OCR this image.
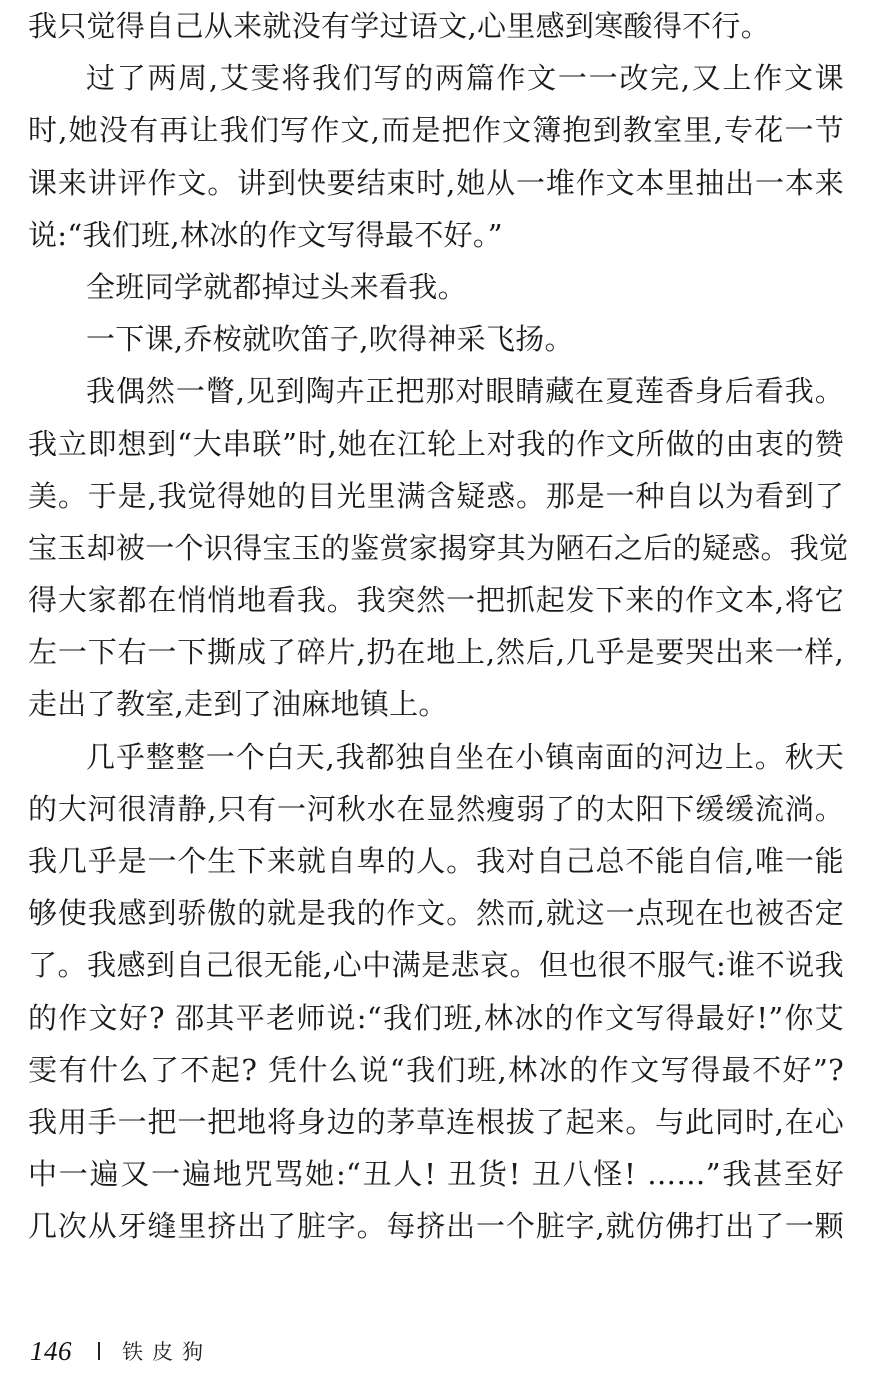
我只觉得自己从来就没有学过语文,心里感到寒酸得不行。
过了两周,艾雯将我们写的两篇作文一一改完,又上作文课
时,她没有再让我们写作文,而是把作文簿抱到教室里,专花一节
课来讲评作文。讲到快要结束时,她从一堆作文本里抽出一本来
说:“我们班,林冰的作文写得最不好。”
全班同学就都掉过头来看我。
一下课,乔桉就吹笛子,吹得神采飞扬。
我偶然一瞥,见到陶卉正把那对眼睛藏在夏莲香身后看我。
我立即想到“大串联”时,她在江轮上对我的作文所做的由衷的赞
美。于是,我觉得她的目光里满含疑惑。那是一种自以为看到了
宝玉却被一个识得宝玉的鉴赏家揭穿其为陋石之后的疑惑。我觉
得大家都在悄悄地看我。我突然一把抓起发下来的作文本,将它
左一下右一下撕成了碎片,扔在地上,然后,几乎是要哭出来一样,
走出了教室,走到了油麻地镇上。
几乎整整一个白天,我都独自坐在小镇南面的河边上。秋天
的大河很清静,只有一河秋水在显然瘦弱了的太阳下缓缓流淌。
我几乎是一个生下来就自卑的人。我对自己总不能自信,唯一能
够使我感到骄傲的就是我的作文。然而,就这一点现在也被否定
了。我感到自己很无能,心中满是悲哀。但也很不服气:谁不说我
的作文好? 邵其平老师说:“我们班,林冰的作文写得最好!”你艾
雯有什么了不起? 凭什么说“我们班,林冰的作文写得最不好”?
我用手一把一把地将身边的茅草连根拔了起来。与此同时,在心
中一遍又一遍地咒骂她:“丑人! 丑货! 丑八怪! ……”我甚至好
几次从牙缝里挤出了脏字。每挤出一个脏字,就仿佛打出了一颗
146 铁皮狗
